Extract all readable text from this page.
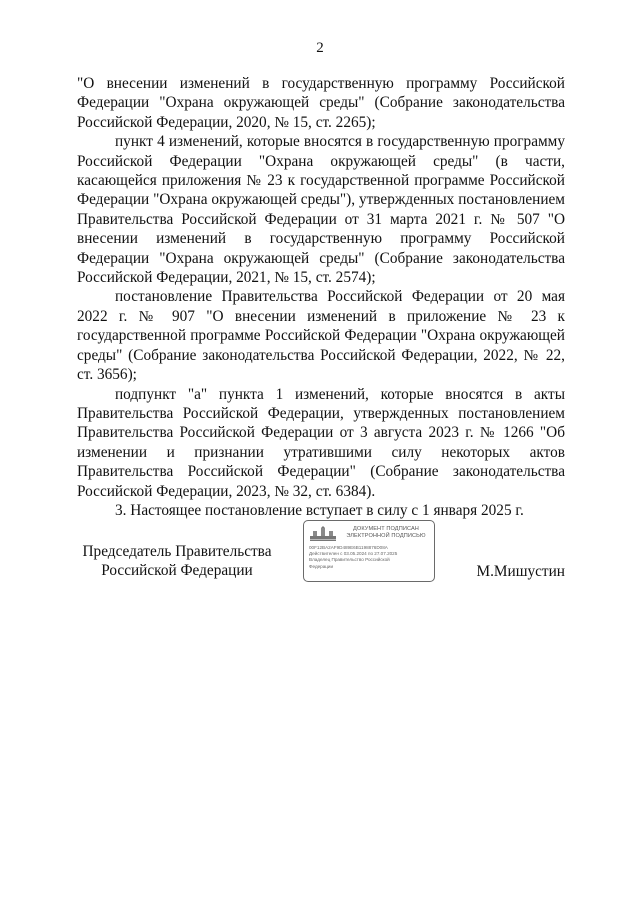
2

"О внесении изменений в государственную программу Российской Федерации "Охрана окружающей среды" (Собрание законодательства Российской Федерации, 2020, № 15, ст. 2265);

пункт 4 изменений, которые вносятся в государственную программу Российской Федерации "Охрана окружающей среды" (в части, касающейся приложения № 23 к государственной программе Российской Федерации "Охрана окружающей среды"), утвержденных постановлением Правительства Российской Федерации от 31 марта 2021 г. № 507 "О внесении изменений в государственную программу Российской Федерации "Охрана окружающей среды" (Собрание законодательства Российской Федерации, 2021, № 15, ст. 2574);

постановление Правительства Российской Федерации от 20 мая 2022 г. № 907 "О внесении изменений в приложение № 23 к государственной программе Российской Федерации "Охрана окружающей среды" (Собрание законодательства Российской Федерации, 2022, № 22, ст. 3656);

подпункт "а" пункта 1 изменений, которые вносятся в акты Правительства Российской Федерации, утвержденных постановлением Правительства Российской Федерации от 3 августа 2023 г. № 1266 "Об изменении и признании утратившими силу некоторых актов Правительства Российской Федерации" (Собрание законодательства Российской Федерации, 2023, № 32, ст. 6384).

3. Настоящее постановление вступает в силу с 1 января 2025 г.

Председатель Правительства
Российской Федерации
ДОКУМЕНТ ПОДПИСАН
ЭЛЕКТРОННОЙ ПОДПИСЬЮ
00F12BA2AF9D489E6B1198876D08A
Действителен с 03.05.2024 по 27.07.2025
Владелец Правительство Российской
Федерации	М.Мишустин
